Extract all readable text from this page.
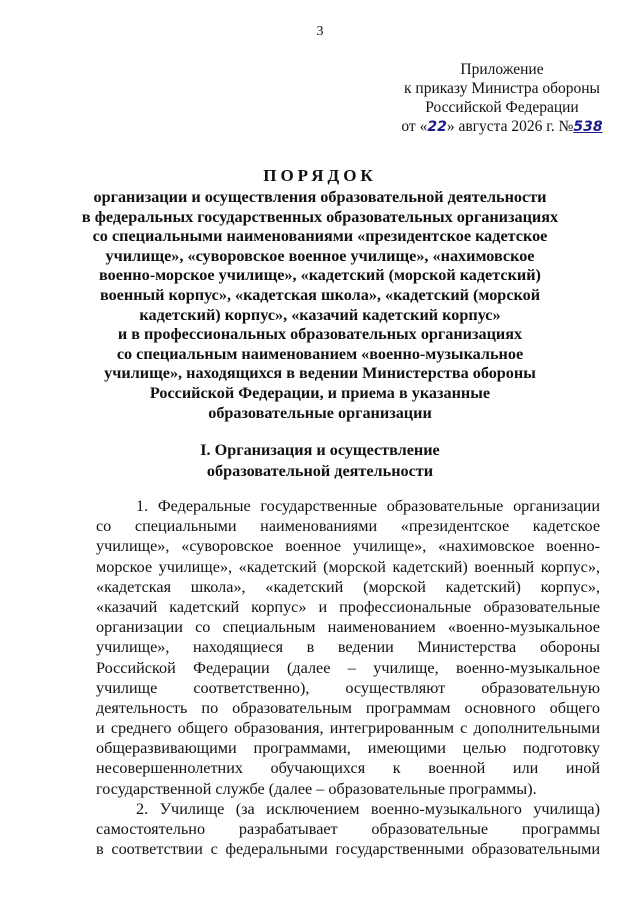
3
Приложение
к приказу Министра обороны
Российской Федерации
от «22» августа 2026 г. №538
ПОРЯДОК
организации и осуществления образовательной деятельности
в федеральных государственных образовательных организациях
со специальными наименованиями «президентское кадетское
училище», «суворовское военное училище», «нахимовское
военно-морское училище», «кадетский (морской кадетский)
военный корпус», «кадетская школа», «кадетский (морской
кадетский) корпус», «казачий кадетский корпус»
и в профессиональных образовательных организациях
со специальным наименованием «военно-музыкальное
училище», находящихся в ведении Министерства обороны
Российской Федерации, и приема в указанные
образовательные организации
I. Организация и осуществление
образовательной деятельности
1. Федеральные государственные образовательные организации
со специальными наименованиями «президентское кадетское
училище», «суворовское военное училище», «нахимовское военно-
морское училище», «кадетский (морской кадетский) военный корпус»,
«кадетская школа», «кадетский (морской кадетский) корпус»,
«казачий кадетский корпус» и профессиональные образовательные
организации со специальным наименованием «военно-музыкальное
училище», находящиеся в ведении Министерства обороны
Российской Федерации (далее – училище, военно-музыкальное
училище соответственно), осуществляют образовательную
деятельность по образовательным программам основного общего
и среднего общего образования, интегрированным с дополнительными
общеразвивающими программами, имеющими целью подготовку
несовершеннолетних обучающихся к военной или иной
государственной службе (далее – образовательные программы).
2. Училище (за исключением военно-музыкального училища)
самостоятельно разрабатывает образовательные программы
в соответствии с федеральными государственными образовательными
